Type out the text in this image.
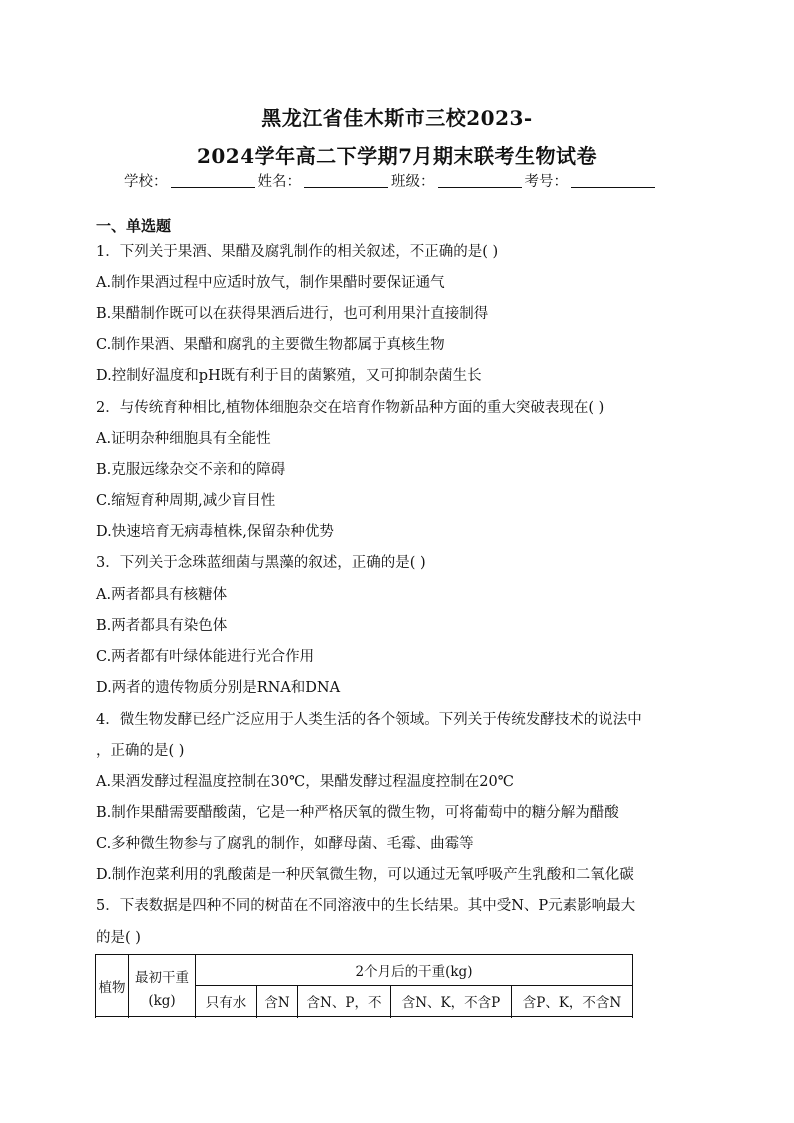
黑龙江省佳木斯市三校2023-
2024学年高二下学期7月期末联考生物试卷
学校：	姓名：	班级：	考号：
一、单选题
1．下列关于果酒、果醋及腐乳制作的相关叙述，不正确的是( )
A.制作果酒过程中应适时放气，制作果醋时要保证通气
B.果醋制作既可以在获得果酒后进行，也可利用果汁直接制得
C.制作果酒、果醋和腐乳的主要微生物都属于真核生物
D.控制好温度和pH既有利于目的菌繁殖，又可抑制杂菌生长
2．与传统育种相比,植物体细胞杂交在培育作物新品种方面的重大突破表现在( )
A.证明杂种细胞具有全能性
B.克服远缘杂交不亲和的障碍
C.缩短育种周期,减少盲目性
D.快速培育无病毒植株,保留杂种优势
3．下列关于念珠蓝细菌与黑藻的叙述，正确的是( )
A.两者都具有核糖体
B.两者都具有染色体
C.两者都有叶绿体能进行光合作用
D.两者的遗传物质分别是RNA和DNA
4．微生物发酵已经广泛应用于人类生活的各个领域。下列关于传统发酵技术的说法中
，正确的是( )
A.果酒发酵过程温度控制在30℃，果醋发酵过程温度控制在20℃
B.制作果醋需要醋酸菌，它是一种严格厌氧的微生物，可将葡萄中的糖分解为醋酸
C.多种微生物参与了腐乳的制作，如酵母菌、毛霉、曲霉等
D.制作泡菜利用的乳酸菌是一种厌氧微生物，可以通过无氧呼吸产生乳酸和二氧化碳
5．下表数据是四种不同的树苗在不同溶液中的生长结果。其中受N、P元素影响最大
的是( )
植物	最初干重	2个月后的干重(kg)				
	(kg)	只有水	含N	含N、P，不	含N、K，不含P	含P、K，不含N
